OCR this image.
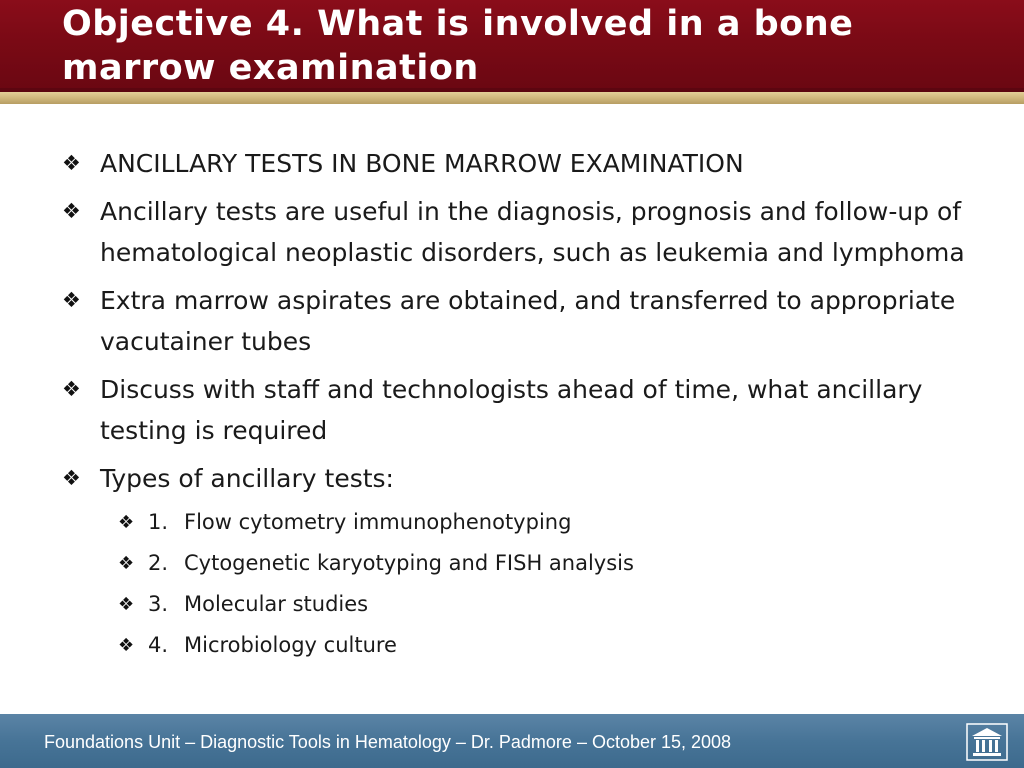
Objective 4. What is involved in a bone marrow examination
❖ ANCILLARY TESTS IN BONE MARROW EXAMINATION
❖ Ancillary tests are useful in the diagnosis, prognosis and follow-up of hematological neoplastic disorders, such as leukemia and lymphoma
❖ Extra marrow aspirates are obtained, and transferred to appropriate vacutainer tubes
❖ Discuss with staff and technologists ahead of time, what ancillary testing is required
❖ Types of ancillary tests:
❖ 1. Flow cytometry immunophenotyping
❖ 2. Cytogenetic karyotyping and FISH analysis
❖ 3. Molecular studies
❖ 4. Microbiology culture
Foundations Unit – Diagnostic Tools in Hematology – Dr. Padmore – October 15, 2008
